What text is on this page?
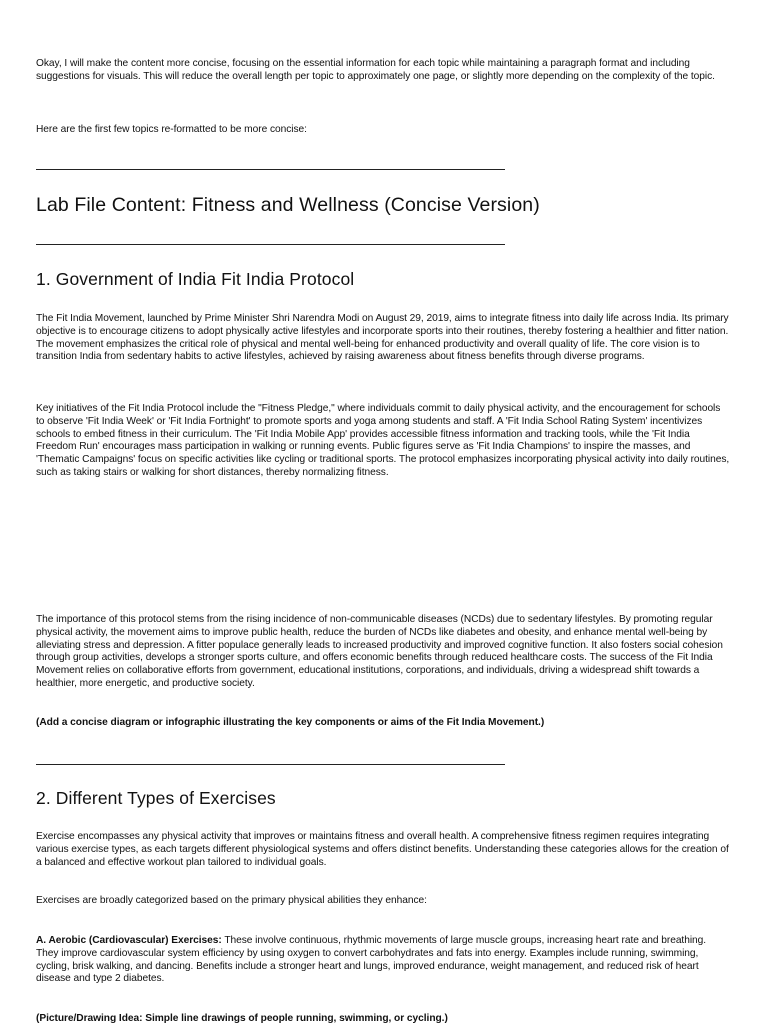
Okay, I will make the content more concise, focusing on the essential information for each topic while maintaining a paragraph format and including suggestions for visuals. This will reduce the overall length per topic to approximately one page, or slightly more depending on the complexity of the topic.

Here are the first few topics re-formatted to be more concise:

Lab File Content: Fitness and Wellness (Concise Version)
1. Government of India Fit India Protocol

The Fit India Movement, launched by Prime Minister Shri Narendra Modi on August 29, 2019, aims to integrate fitness into daily life across India. Its primary objective is to encourage citizens to adopt physically active lifestyles and incorporate sports into their routines, thereby fostering a healthier and fitter nation. The movement emphasizes the critical role of physical and mental well-being for enhanced productivity and overall quality of life. The core vision is to transition India from sedentary habits to active lifestyles, achieved by raising awareness about fitness benefits through diverse programs.

Key initiatives of the Fit India Protocol include the "Fitness Pledge," where individuals commit to daily physical activity, and the encouragement for schools to observe 'Fit India Week' or 'Fit India Fortnight' to promote sports and yoga among students and staff. A 'Fit India School Rating System' incentivizes schools to embed fitness in their curriculum. The 'Fit India Mobile App' provides accessible fitness information and tracking tools, while the 'Fit India Freedom Run' encourages mass participation in walking or running events. Public figures serve as 'Fit India Champions' to inspire the masses, and 'Thematic Campaigns' focus on specific activities like cycling or traditional sports. The protocol emphasizes incorporating physical activity into daily routines, such as taking stairs or walking for short distances, thereby normalizing fitness.

The importance of this protocol stems from the rising incidence of non-communicable diseases (NCDs) due to sedentary lifestyles. By promoting regular physical activity, the movement aims to improve public health, reduce the burden of NCDs like diabetes and obesity, and enhance mental well-being by alleviating stress and depression. A fitter populace generally leads to increased productivity and improved cognitive function. It also fosters social cohesion through group activities, develops a stronger sports culture, and offers economic benefits through reduced healthcare costs. The success of the Fit India Movement relies on collaborative efforts from government, educational institutions, corporations, and individuals, driving a widespread shift towards a healthier, more energetic, and productive society.

(Add a concise diagram or infographic illustrating the key components or aims of the Fit India Movement.)

2. Different Types of Exercises

Exercise encompasses any physical activity that improves or maintains fitness and overall health. A comprehensive fitness regimen requires integrating various exercise types, as each targets different physiological systems and offers distinct benefits. Understanding these categories allows for the creation of a balanced and effective workout plan tailored to individual goals.

Exercises are broadly categorized based on the primary physical abilities they enhance:

A. Aerobic (Cardiovascular) Exercises: These involve continuous, rhythmic movements of large muscle groups, increasing heart rate and breathing. They improve cardiovascular system efficiency by using oxygen to convert carbohydrates and fats into energy. Examples include running, swimming, cycling, brisk walking, and dancing. Benefits include a stronger heart and lungs, improved endurance, weight management, and reduced risk of heart disease and type 2 diabetes.

(Picture/Drawing Idea: Simple line drawings of people running, swimming, or cycling.)
